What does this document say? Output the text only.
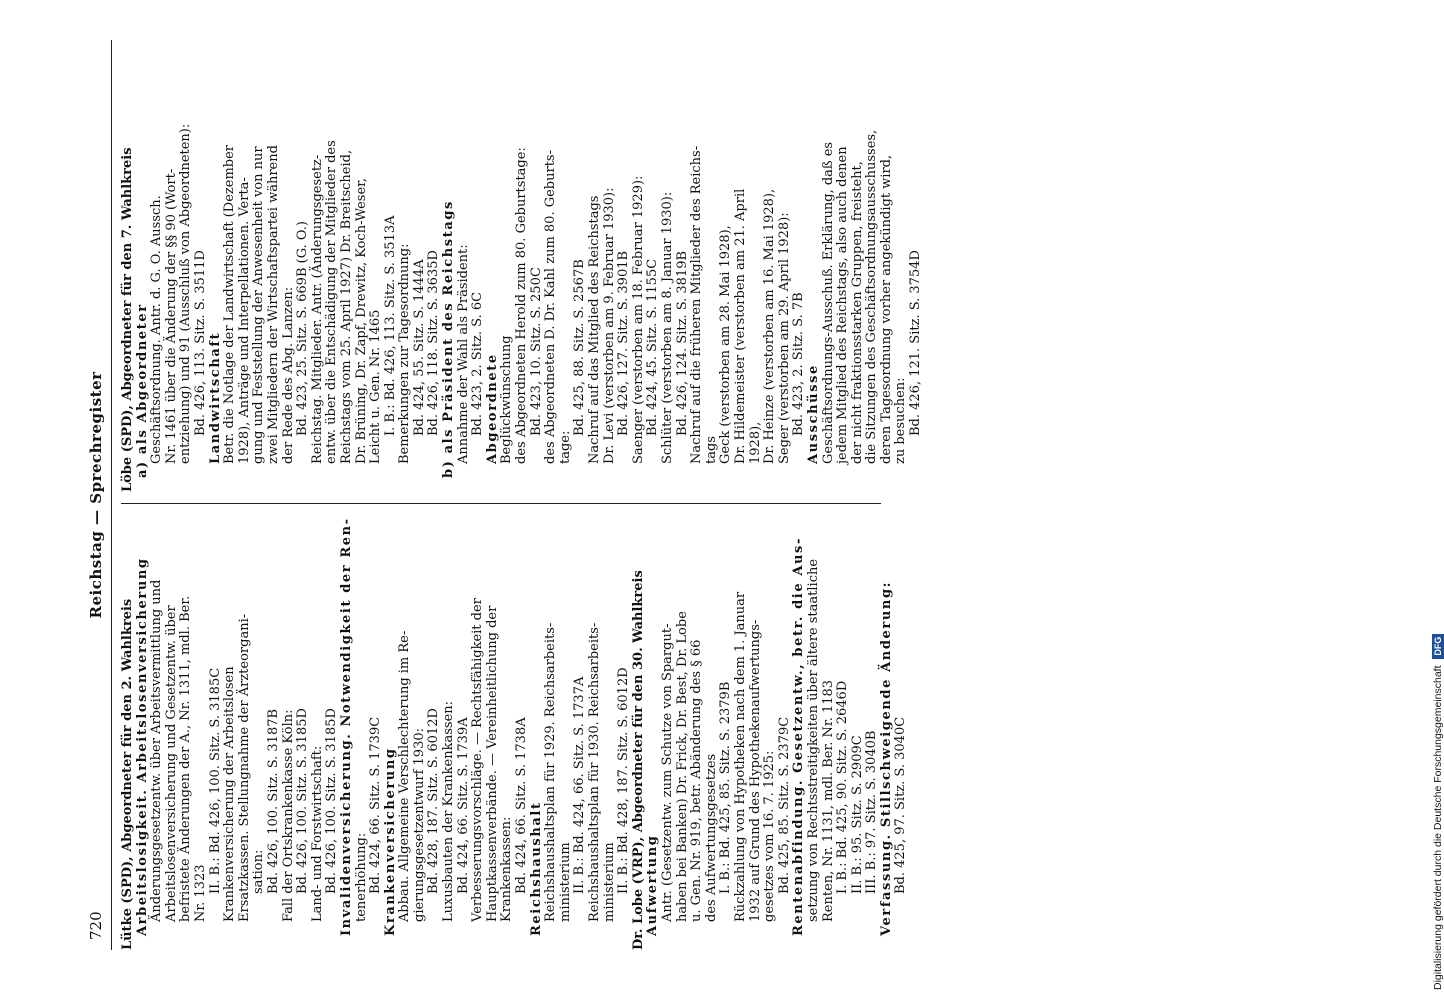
720
Reichstag — Sprechregister
Lütke (SPD), Abgeordneter für den 2. Wahlkreis Arbeitslosigkeit. Arbeitslosenversicherung Änderungsgesetzentw. über Arbeitsvermittlung und Arbeitslosenversicherung und Gesetzentw. über befristete Änderungen der A., Nr. 1311, mdl. Ber. Nr. 1323 II. B.: Bd. 426, 100. Sitz. S. 3185C Krankenversicherung der Arbeitslosen Ersatzkassen. Stellungnahme der Ärzteorgani- sation: Bd. 426, 100. Sitz. S. 3187B Fall der Ortskrankenkasse Köln: Bd. 426, 100. Sitz. S. 3185D Land- und Forstwirtschaft: Bd. 426, 100. Sitz. S. 3185D Invalidenversicherung. Notwendigkeit der Ren- tenerhöhung: Bd. 424, 66. Sitz. S. 1739C Krankenversicherung Abbau. Allgemeine Verschlechterung im Re- gierungsgesetzentwurf 1930: Bd. 428, 187. Sitz. S. 6012D Luxusbauten der Krankenkassen: Bd. 424, 66. Sitz. S. 1739A Verbesserungsvorschläge. — Rechtsfähigkeit der Hauptkassenverbände. — Vereinheitlichung der Krankenkassen: Bd. 424, 66. Sitz. S. 1738A Reichshaushalt Reichshaushaltsplan für 1929. Reichsarbeits- ministerium II. B.: Bd. 424, 66. Sitz. S. 1737A Reichshaushaltsplan für 1930. Reichsarbeits- ministerium II. B.: Bd. 428, 187. Sitz. S. 6012D Dr. Lobe (VRP), Abgeordneter für den 30. Wahlkreis Aufwertung Antr. (Gesetzentw. zum Schutze von Spargut- haben bei Banken) Dr. Frick, Dr. Best, Dr. Lobe u. Gen. Nr. 919, betr. Abänderung des § 66 des Aufwertungsgesetzes I. B.: Bd. 425, 85. Sitz. S. 2379B Rückzahlung von Hypotheken nach dem 1. Januar 1932 auf Grund des Hypothekenaufwertungs- gesetzes vom 16. 7. 1925: Bd. 425, 85. Sitz. S. 2379C Rentenabfindung. Gesetzentw., betr. die Aus- setzung von Rechtsstreitigkeiten über ältere staatliche Renten, Nr. 1131, mdl. Ber. Nr. 1183 I. B.: Bd. 425, 90. Sitz. S. 2646D II. B.: 95. Sitz. S. 2909C III. B.: 97. Sitz. S. 3040B Verfassung. Stillschweigende Änderung: Bd. 425, 97. Sitz. S. 3040C
Löbe (SPD), Abgeordneter für den 7. Wahlkreis a) als Abgeordneter Geschäftsordnung. Antr. d. G. O. Aussch. Nr. 1461 über die Änderung der §§ 90 (Wort- entziehung) und 91 (Ausschluß von Abgeordneten): Bd. 426, 113. Sitz. S. 3511D Landwirtschaft Betr. die Notlage der Landwirtschaft (Dezember 1928), Anträge und Interpellationen. Verta- gung und Feststellung der Anwesenheit von nur zwei Mitgliedern der Wirtschaftspartei während der Rede des Abg. Lanzen: Bd. 423, 25. Sitz. S. 669B (G. O.) Reichstag. Mitglieder. Antr. (Änderungsgesetz- entw. über die Entschädigung der Mitglieder des Reichstags vom 25. April 1927) Dr. Breitscheid, Dr. Brüning, Dr. Zapf, Drewitz, Koch-Weser, Leicht u. Gen. Nr. 1465 I. B.: Bd. 426, 113. Sitz. S. 3513A Bemerkungen zur Tagesordnung: Bd. 424, 55. Sitz. S. 1444A Bd. 426, 118. Sitz. S. 3635D b) als Präsident des Reichstags Annahme der Wahl als Präsident: Bd. 423, 2. Sitz. S. 6C Abgeordnete Beglückwünschung des Abgeordneten Herold zum 80. Geburtstage: Bd. 423, 10. Sitz. S. 250C des Abgeordneten D. Dr. Kahl zum 80. Geburts- tage:
Bd. 425, 88. Sitz. S. 2567B Nachruf auf das Mitglied des Reichstags Dr. Levi (verstorben am 9. Februar 1930): Bd. 426, 127. Sitz. S. 3901B Saenger (verstorben am 18. Februar 1929): Bd. 424, 45. Sitz. S. 1155C Schlüter (verstorben am 8. Januar 1930): Bd. 426, 124. Sitz. S. 3819B Nachruf auf die früheren Mitglieder des Reichs- tags Geck (verstorben am 28. Mai 1928), Dr. Hildemeister (verstorben am 21. April 1928), Dr. Heinze (verstorben am 16. Mai 1928), Seger (verstorben am 29. April 1928): Bd. 423, 2. Sitz. S. 7B Ausschüsse Geschäftsordnungs-Ausschuß. Erklärung, daß es jedem Mitglied des Reichstags, also auch denen der nicht fraktionsstarken Gruppen, freisteht, die Sitzungen des Geschäftsordnungsausschusses, deren Tagesordnung vorher angekündigt wird, zu besuchen: Bd. 426, 121. Sitz. S. 3754D
Digitalisierung gefördert durch die Deutsche Forschungsgemeinschaft DFG
